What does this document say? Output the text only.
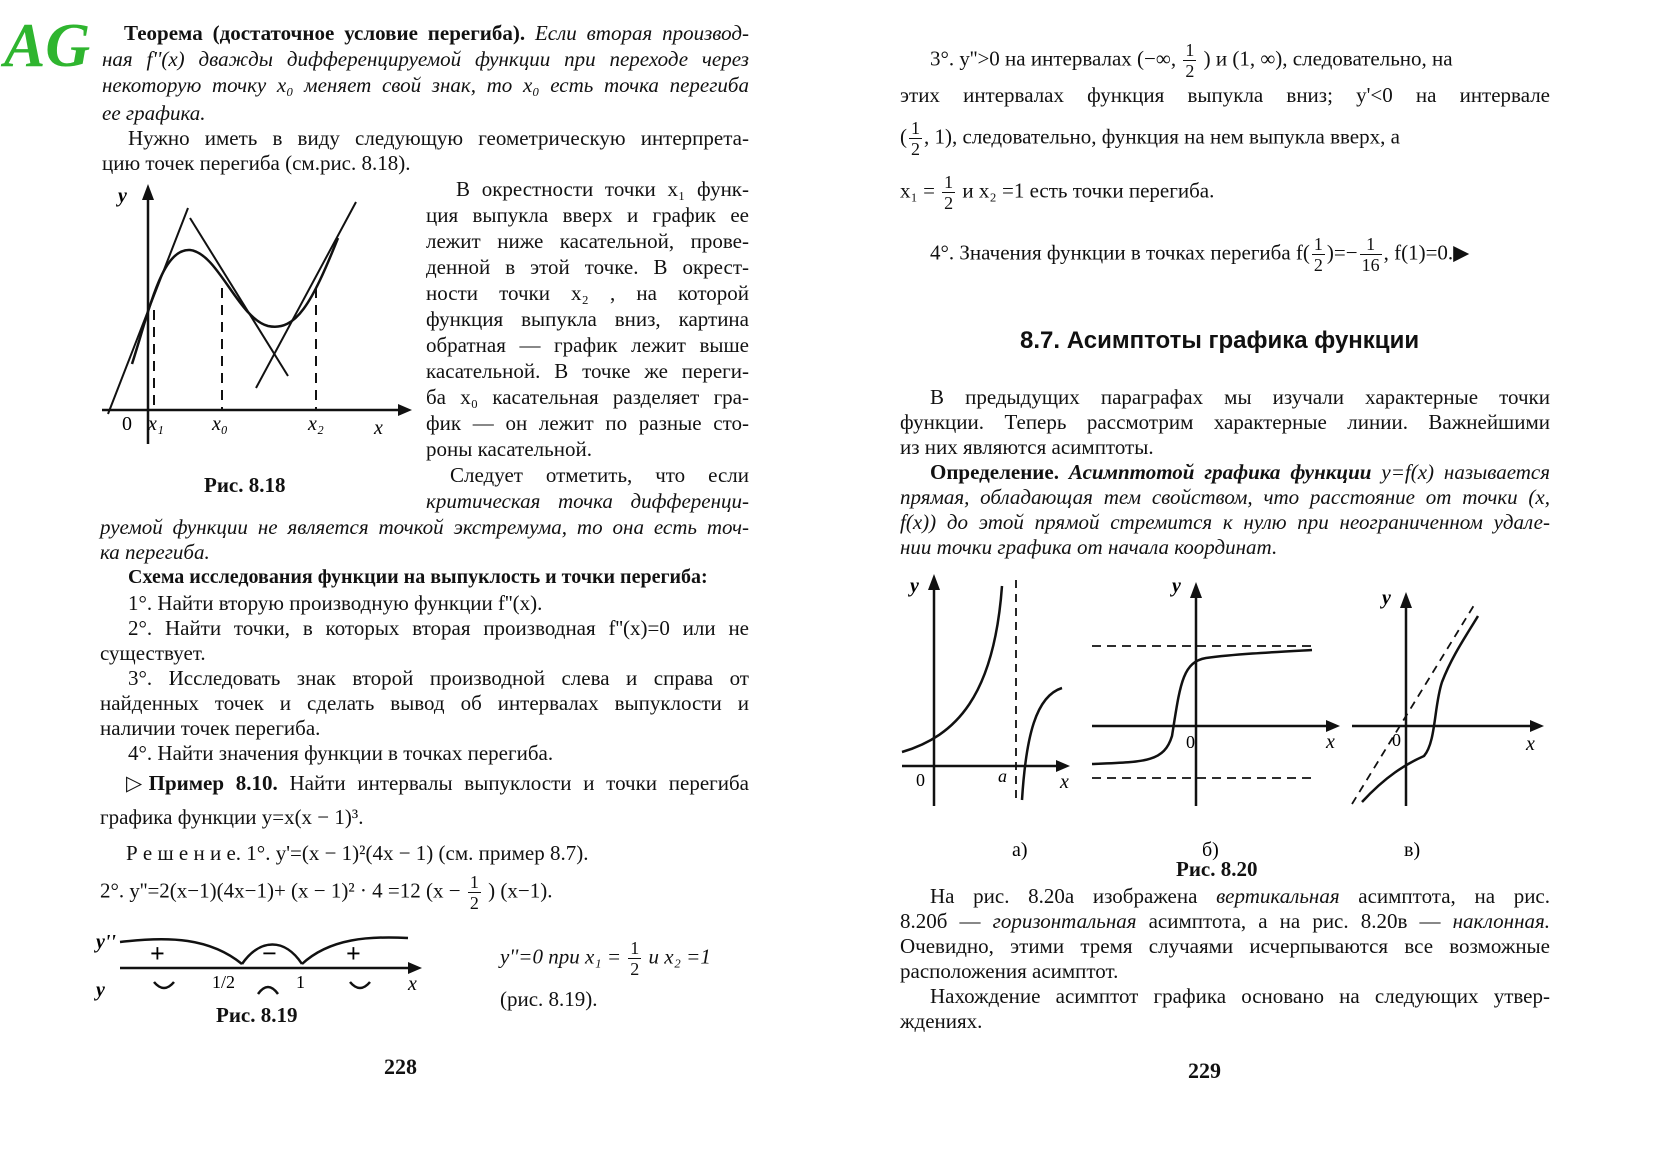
AG Теорема (достаточное условие перегиба). Если вторая производ-
ная f''(x) дважды дифференцируемой функции при переходе через
некоторую точку x₀ меняет свой знак, то x₀ есть точка перегиба
ее графика.
Нужно иметь в виду следующую геометрическую интерпрета-
цию точек перегиба (см.рис. 8.18).
y
0 x₁ x₀	x₂	x
Рис. 8.18
В окрестности точки x₁ функ-
ция выпукла вверх и график ее
лежит ниже касательной, прове-
денной в этой точке. В окрест-
ности точки x₂ , на которой
функция выпукла вниз, картина
обратная — график лежит выше
касательной. В точке же переги-
ба x₀ касательная разделяет гра-
фик — он лежит по разные сто-
роны касательной.
Следует отметить, что если
критическая точка дифференци-
руемой функции не является точкой экстремума, то она есть точ-
ка перегиба.
Схема исследования функции на выпуклость и точки перегиба:
1°. Найти вторую производную функции f''(x).
2°. Найти точки, в которых вторая производная f''(x)=0 или не
существует.
3°. Исследовать знак второй производной слева и справа от
найденных точек и сделать вывод об интервалах выпуклости и
наличии точек перегиба.
4°. Найти значения функции в точках перегиба.
▷Пример 8.10. Найти интервалы выпуклости и точки перегиба
графика функции y=x(x − 1)³.
Р е ш е н и е. 1°. y'=(x − 1)²(4x − 1) (см. пример 8.7).
2°. y''=2(x−1)(4x−1)+ (x − 1)² · 4 =12 ($x - \frac{1}{2}$ ) (x−1).
y''
y
+	−	+
1/2	1	x
Рис. 8.19
y''=0 при $x_1 = \frac{1}{2}$ и x₂ =1
(рис. 8.19).
228
3°. y''>0 на интервалах (−∞, $\frac{1}{2}$ ) и (1, ∞), следовательно, на
этих интервалах функция выпукла вниз; y'<0 на интервале
( $\frac{1}{2}$ , 1), следовательно, функция на нем выпукла вверх, а
$x_1 = \frac{1}{2}$ и x₂ =1 есть точки перегиба.
4°. Значения функции в точках перегиба $f( \frac{1}{2}$ )=− $\frac{1}{16}$ , f(1)=0.▶
8.7. Асимптоты графика функции
В предыдущих параграфах мы изучали характерные точки
функции. Теперь рассмотрим характерные линии. Важнейшими
из них являются асимптоты.
Определение. Асимптотой графика функции y=f(x) называется
прямая, обладающая тем свойством, что расстояние от точки (x,
f(x)) до этой прямой стремится к нулю при неограниченном удале-
нии точки графика от начала координат.
y
0	a	x
y
0	x
y
0	x
а)	б)	в)
Рис. 8.20
На рис. 8.20а изображена вертикальная асимптота, на рис.
8.20б — горизонтальная асимптота, а на рис. 8.20в — наклонная.
Очевидно, этими тремя случаями исчерпываются все возможные
расположения асимптот.
Нахождение асимптот графика основано на следующих утвер-
ждениях.
229
